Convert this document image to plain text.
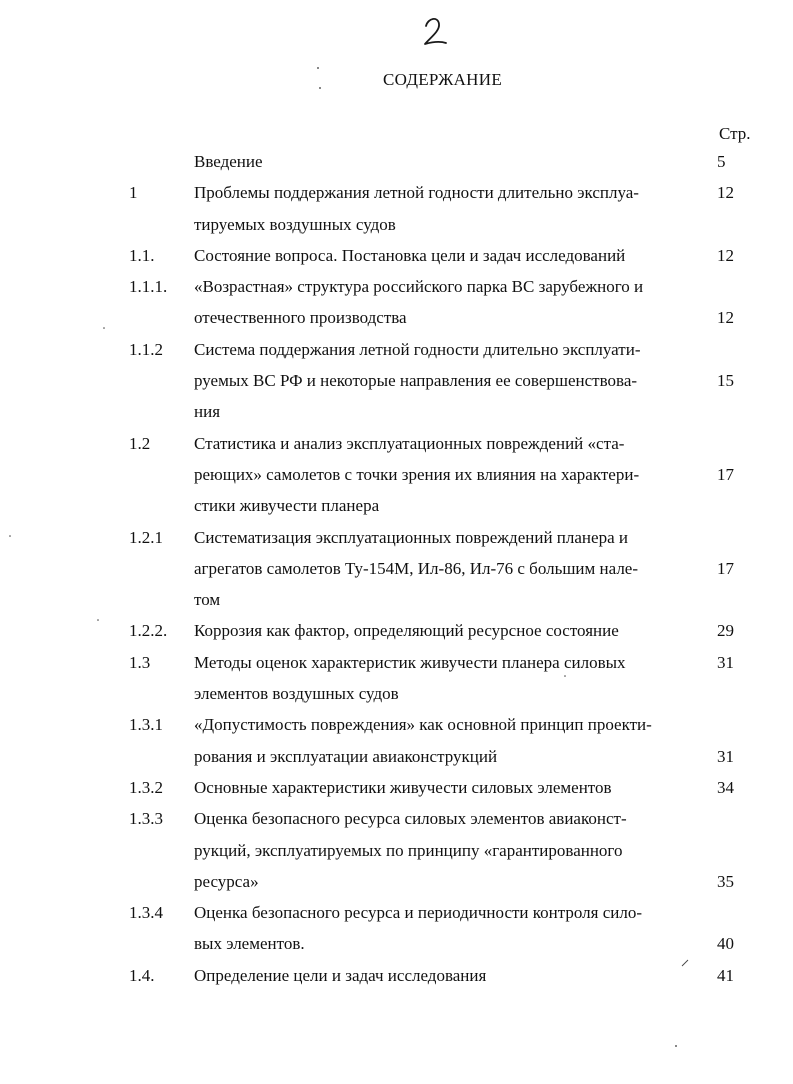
СОДЕРЖАНИЕ
Стр.
Введение	5
1	Проблемы поддержания летной годности длительно эксплуа-	12
тируемых воздушных судов
1.1. Состояние вопроса. Постановка цели и задач исследований	12
1.1.1. «Возрастная» структура российского парка ВС зарубежного и
отечественного производства	12
1.1.2 Система поддержания летной годности длительно эксплуати-
руемых ВС РФ и некоторые направления ее совершенствова-	15
ния
1.2	Статистика и анализ эксплуатационных повреждений «ста-
реющих» самолетов с точки зрения их влияния на характери-	17
стики живучести планера
1.2.1 Систематизация эксплуатационных повреждений планера и
агрегатов самолетов Ту-154М, Ил-86, Ил-76 с большим нале-	17
том
1.2.2. Коррозия как фактор, определяющий ресурсное состояние	29
1.3	Методы оценок характеристик живучести планера силовых	31
элементов воздушных судов
1.3.1 «Допустимость повреждения» как основной принцип проекти-
рования и эксплуатации авиаконструкций	31
1.3.2 Основные характеристики живучести силовых элементов	34
1.3.3 Оценка безопасного ресурса силовых элементов авиаконст-
рукций, эксплуатируемых по принципу «гарантированного
ресурса»	35
1.3.4 Оценка безопасного ресурса и периодичности контроля сило-
вых элементов.	40
1.4. Определение цели и задач исследования	41
